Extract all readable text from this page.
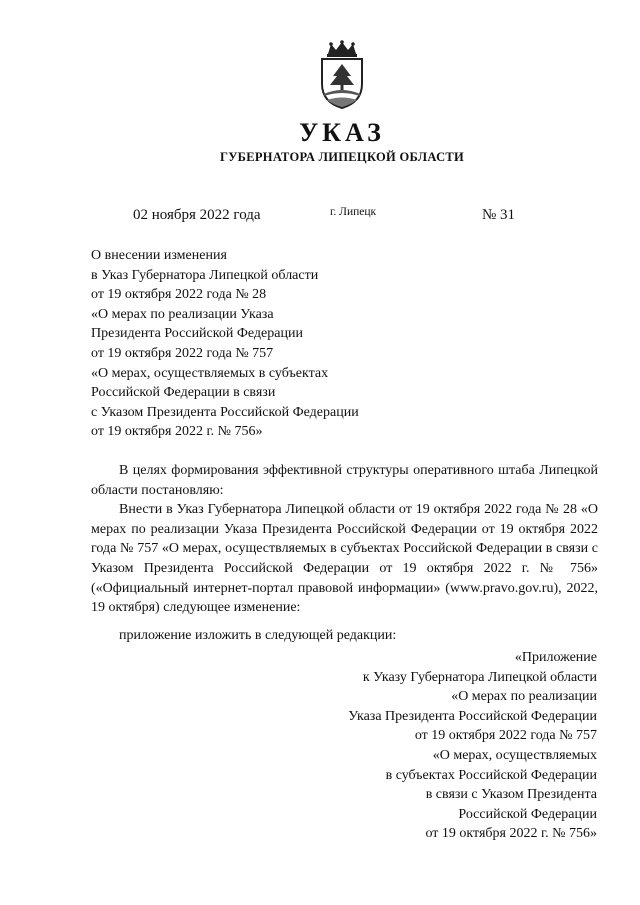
УКАЗ
ГУБЕРНАТОРА ЛИПЕЦКОЙ ОБЛАСТИ
02 ноября 2022 года	г. Липецк	№ 31
О внесении изменения
в Указ Губернатора Липецкой области
от 19 октября 2022 года № 28
«О мерах по реализации Указа
Президента Российской Федерации
от 19 октября 2022 года № 757
«О мерах, осуществляемых в субъектах
Российской Федерации в связи
с Указом Президента Российской Федерации
от 19 октября 2022 г. № 756»

В целях формирования эффективной структуры оперативного штаба Липецкой области постановляю:

Внести в Указ Губернатора Липецкой области от 19 октября 2022 года № 28 «О мерах по реализации Указа Президента Российской Федерации от 19 октября 2022 года № 757 «О мерах, осуществляемых в субъектах Российской Федерации в связи с Указом Президента Российской Федерации от 19 октября 2022 г. № 756» («Официальный интернет-портал правовой информации» (www.pravo.gov.ru), 2022, 19 октября) следующее изменение:

приложение изложить в следующей редакции:

«Приложение
к Указу Губернатора Липецкой области
«О мерах по реализации
Указа Президента Российской Федерации
от 19 октября 2022 года № 757
«О мерах, осуществляемых
в субъектах Российской Федерации
в связи с Указом Президента
Российской Федерации
от 19 октября 2022 г. № 756»
